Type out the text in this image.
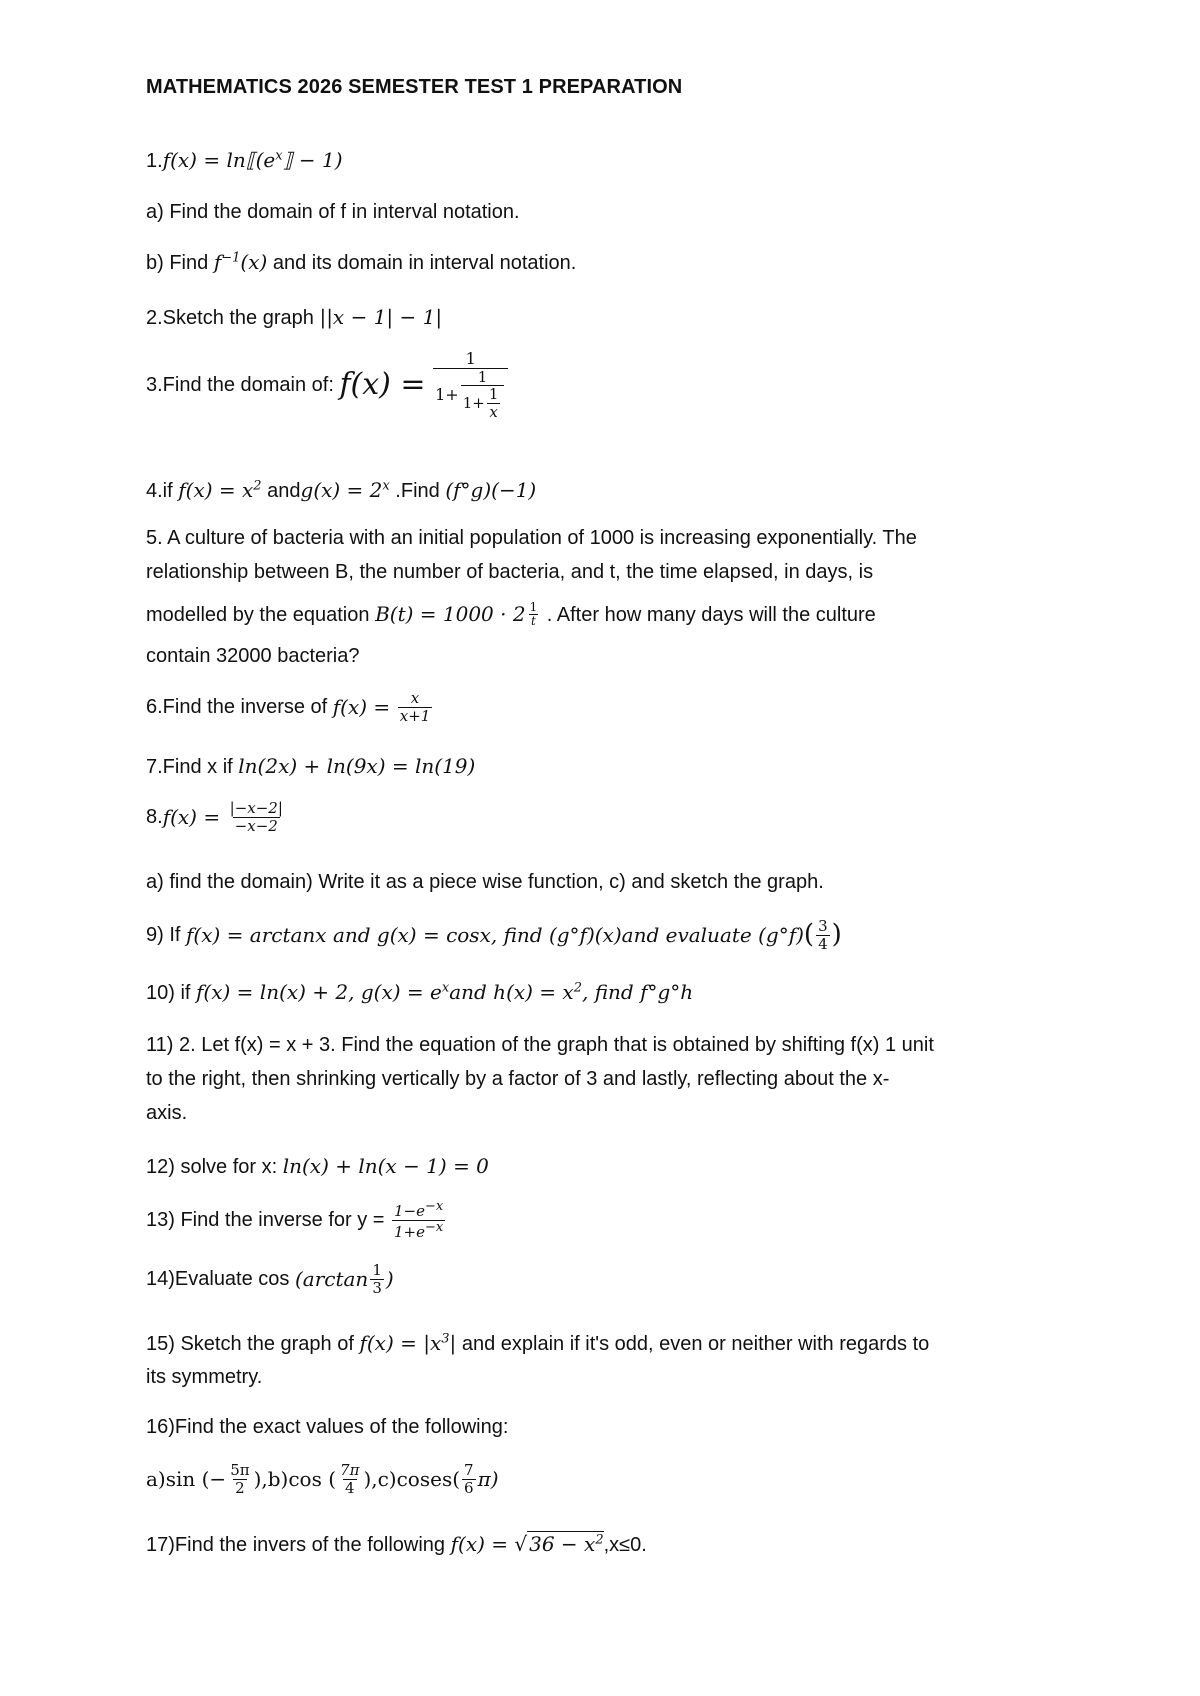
MATHEMATICS 2026 SEMESTER TEST 1 PREPARATION
$1.f(x) = \ln⟦(e^x⟧ - 1)$
a) Find the domain of f in interval notation.
b) Find $f^{-1}(x)$ and its domain in interval notation.
2.Sketch the graph ||x − 1| − 1|
3.Find the domain of: f(x) =
1
$1+ \frac{1}{1+ \frac{1}{x}}$
4.if $f(x) = x^2$ andg(x) = $2^x$ .Find (f°g)(−1)
5. A culture of bacteria with an initial population of 1000 is increasing exponentially. The
relationship between B, the number of bacteria, and t, the time elapsed, in days, is
modelled by the equation $B(t) = 1000 \cdot 2 \frac{1}{t}$ . After how many days will the culture
contain 32000 bacteria?
6.Find the inverse of $f(x) = \frac{x}{x+1}$
7.Find x if ln(2x) + ln(9x) = ln(19)
$8.f(x) = \frac{|-x-2|}{-x-2}$
a) find the domain) Write it as a piece wise function, c) and sketch the graph.
9) If f(x) = arctanx and g(x) = cosx, find (g°f)(x)and evaluate $(g^\circ f)( \frac{3}{4}$ )
10) if f(x) = ln(x) + 2, $g(x) = e^xand$ $h(x) = x^2$, find f°g°h
11) 2. Let f(x) = x + 3. Find the equation of the graph that is obtained by shifting f(x) 1 unit
to the right, then shrinking vertically by a factor of 3 and lastly, reflecting about the x-
axis.
12) solve for x: ln(x) + ln(x − 1) = 0
13) Find the inverse for $y = \frac{1-e-x}{1+e-x}$
14)Evaluate $\cos (\arctan \frac{1}{3}$ )
15) Sketch the graph of $f(x) = |x^3|$ and explain if it's odd, even or neither with regards to
its symmetry.
16)Find the exact values of the following:
a)sin (− $\frac{5\pi}{2} ),b)\cos$ ( $\frac{7\pi}{4}$ ),c)coses( $\frac{7}{6} \pi$)
17)Find the invers of the following f(x) = √ $36 - x^2,x\le 0$.
